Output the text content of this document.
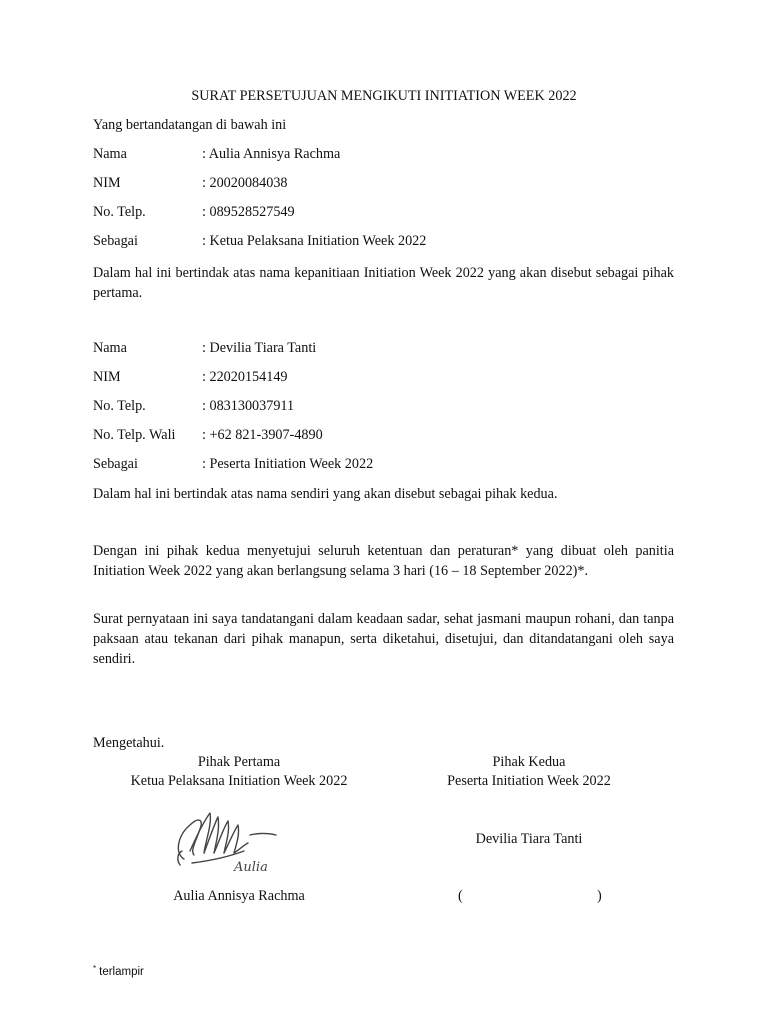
SURAT PERSETUJUAN MENGIKUTI INITIATION WEEK 2022
Yang bertandatangan di bawah ini
Nama	: Aulia Annisya Rachma
NIM	: 20020084038
No. Telp.	: 089528527549
Sebagai	: Ketua Pelaksana Initiation Week 2022
Dalam hal ini bertindak atas nama kepanitiaan Initiation Week 2022 yang akan disebut sebagai pihak pertama.
Nama	: Devilia Tiara Tanti
NIM	: 22020154149
No. Telp.	: 083130037911
No. Telp. Wali : +62 821-3907-4890
Sebagai	: Peserta Initiation Week 2022
Dalam hal ini bertindak atas nama sendiri yang akan disebut sebagai pihak kedua.
Dengan ini pihak kedua menyetujui seluruh ketentuan dan peraturan* yang dibuat oleh panitia Initiation Week 2022 yang akan berlangsung selama 3 hari (16 – 18 September 2022)*.
Surat pernyataan ini saya tandatangani dalam keadaan sadar, sehat jasmani maupun rohani, dan tanpa paksaan atau tekanan dari pihak manapun, serta diketahui, disetujui, dan ditandatangani oleh saya sendiri.
Mengetahui.
Pihak Pertama
Ketua Pelaksana Initiation Week 2022
Pihak Kedua
Peserta Initiation Week 2022
Aulia
Devilia Tiara Tanti
Aulia Annisya Rachma	(	)
* terlampir
